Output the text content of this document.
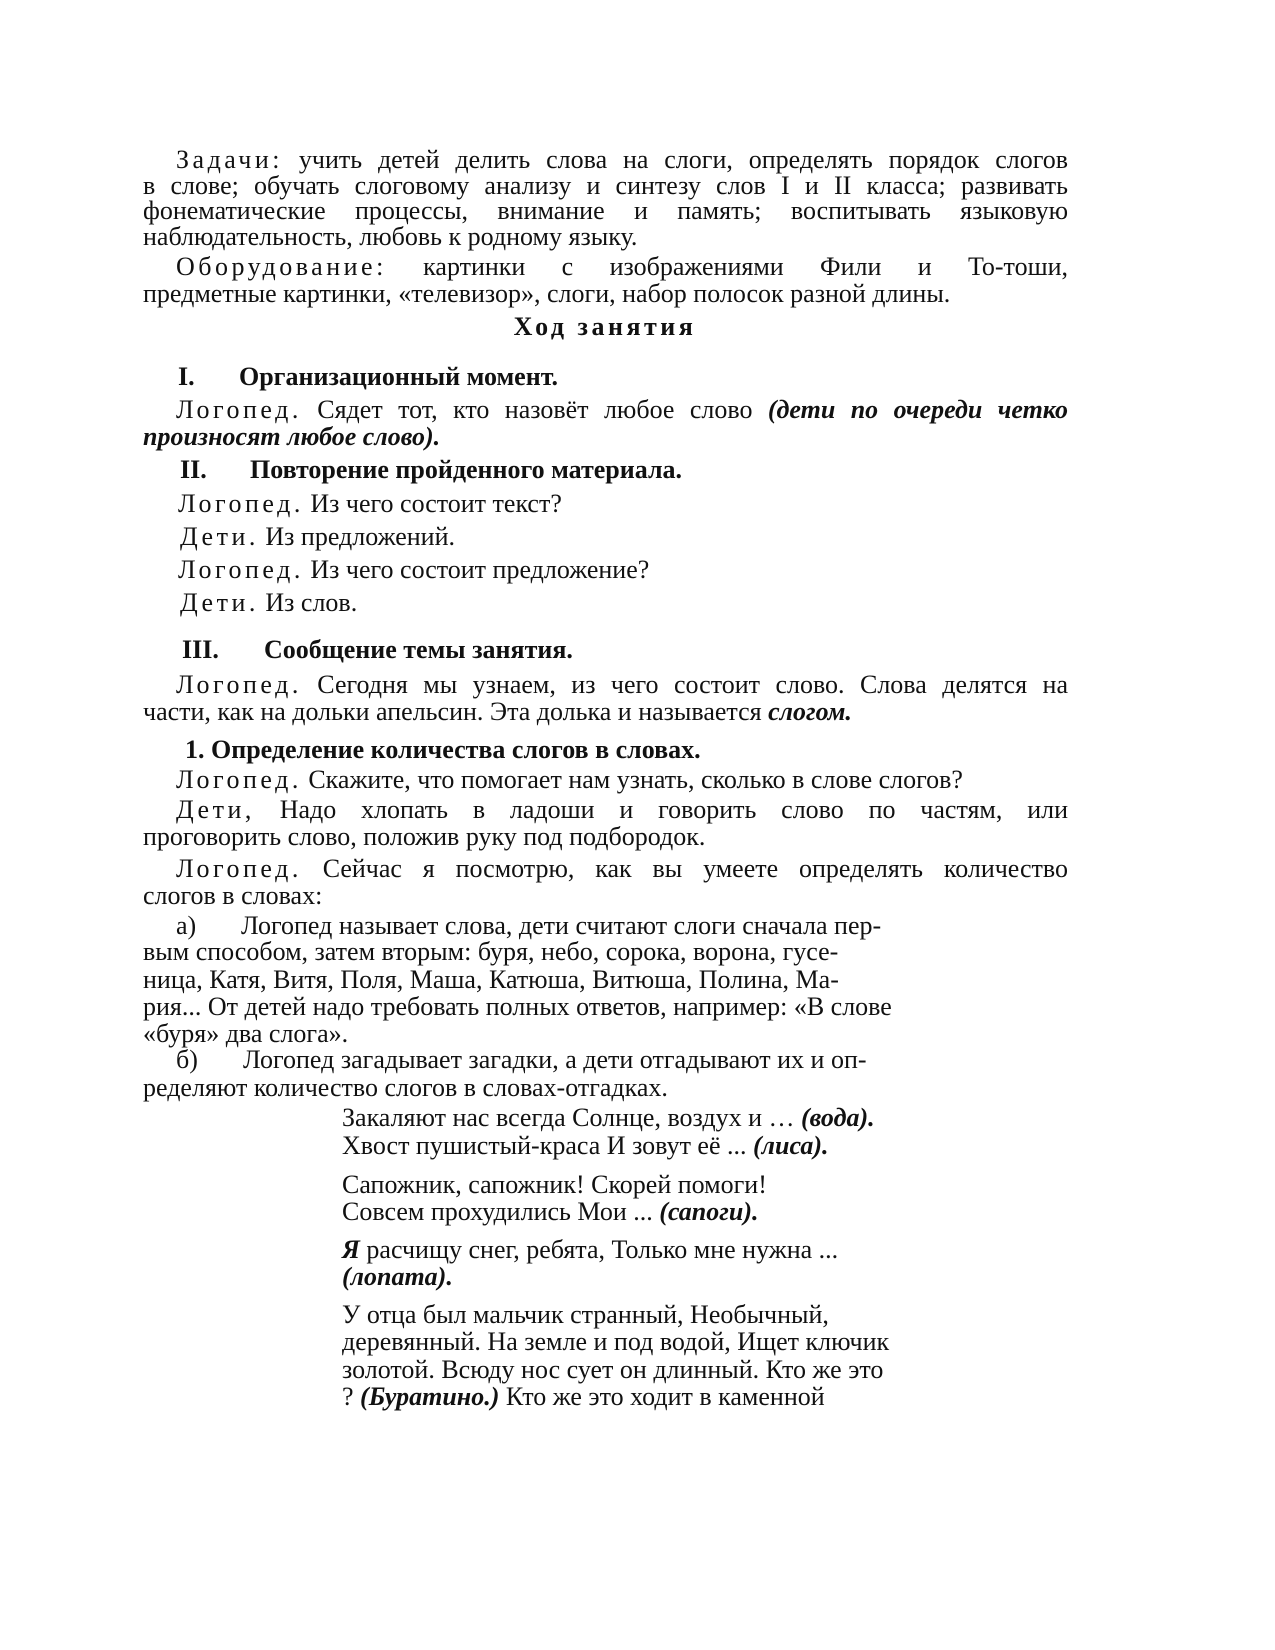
Задачи: учить детей делить слова на слоги, определять порядок слогов
в слове; обучать слоговому анализу и синтезу слов I и II класса; развивать
фонематические процессы, внимание и память; воспитывать языковую
наблюдательность, любовь к родному языку.
Оборудование: картинки с изображениями Фили и То-тоши,
предметные картинки, «телевизор», слоги, набор полосок разной длины.
Ход занятия
I. Организационный момент.
Логопед. Сядет тот, кто назовёт любое слово (дети по очереди четко
произносят любое слово).
II. Повторение пройденного материала.
Логопед. Из чего состоит текст?
Дети. Из предложений.
Логопед. Из чего состоит предложение?
Дети. Из слов.
III. Сообщение темы занятия.
Логопед. Сегодня мы узнаем, из чего состоит слово. Слова делятся на
части, как на дольки апельсин. Эта долька и называется слогом.
1. Определение количества слогов в словах.
Логопед. Скажите, что помогает нам узнать, сколько в слове слогов?
Дети, Надо хлопать в ладоши и говорить слово по частям, или
проговорить слово, положив руку под подбородок.
Логопед. Сейчас я посмотрю, как вы умеете определять количество
слогов в словах:
а) Логопед называет слова, дети считают слоги сначала пер-
вым способом, затем вторым: буря, небо, сорока, ворона, гусе-
ница, Катя, Витя, Поля, Маша, Катюша, Витюша, Полина, Ма-
рия... От детей надо требовать полных ответов, например: «В слове
«буря» два слога».
б) Логопед загадывает загадки, а дети отгадывают их и оп-
ределяют количество слогов в словах-отгадках.
Закаляют нас всегда Солнце, воздух и … (вода).
Хвост пушистый-краса И зовут её ... (лиса).
Сапожник, сапожник! Скорей помоги!
Совсем прохудились Мои ... (сапоги).
Я расчищу снег, ребята, Только мне нужна ...
(лопата).
У отца был мальчик странный, Необычный,
деревянный. На земле и под водой, Ищет ключик
золотой. Всюду нос сует он длинный. Кто же это
? (Буратино.) Кто же это ходит в каменной
